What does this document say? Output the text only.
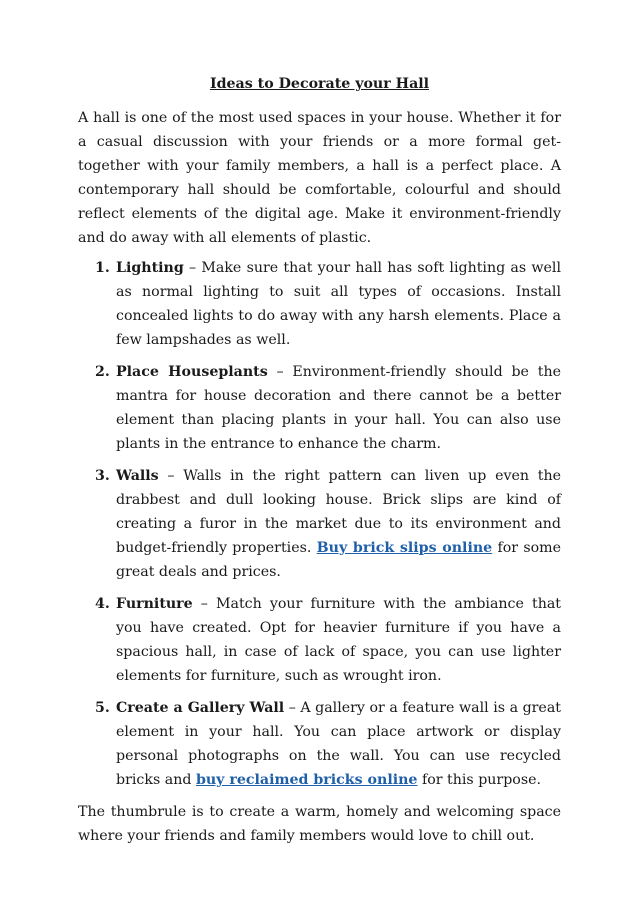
Ideas to Decorate your Hall

A hall is one of the most used spaces in your house. Whether it for a casual discussion with your friends or a more formal get-together with your family members, a hall is a perfect place. A contemporary hall should be comfortable, colourful and should reflect elements of the digital age. Make it environment-friendly and do away with all elements of plastic.

1. Lighting – Make sure that your hall has soft lighting as well as normal lighting to suit all types of occasions. Install concealed lights to do away with any harsh elements. Place a few lampshades as well.
2. Place Houseplants – Environment-friendly should be the mantra for house decoration and there cannot be a better element than placing plants in your hall. You can also use plants in the entrance to enhance the charm.
3. Walls – Walls in the right pattern can liven up even the drabbest and dull looking house. Brick slips are kind of creating a furor in the market due to its environment and budget-friendly properties. Buy brick slips online for some great deals and prices.
4. Furniture – Match your furniture with the ambiance that you have created. Opt for heavier furniture if you have a spacious hall, in case of lack of space, you can use lighter elements for furniture, such as wrought iron.
5. Create a Gallery Wall – A gallery or a feature wall is a great element in your hall. You can place artwork or display personal photographs on the wall. You can use recycled bricks and buy reclaimed bricks online for this purpose.

The thumbrule is to create a warm, homely and welcoming space where your friends and family members would love to chill out.
